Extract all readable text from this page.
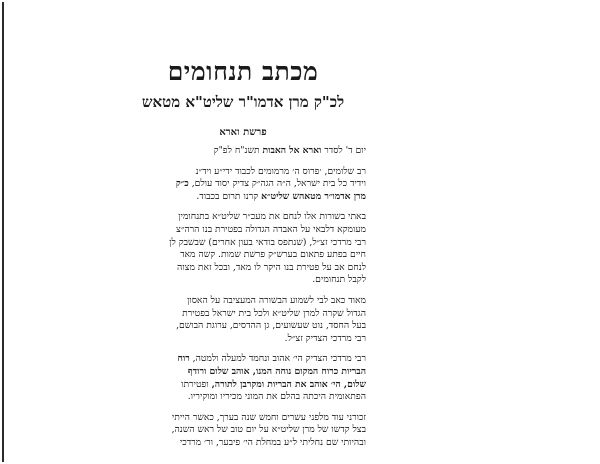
מכתב תנחומים
לכ"ק מרן אדמו"ר שליט"א מטאש
פרשת וארא

יום ד' לסדר וארא אל האבות תשנ"ח לפ"ק

רב שלומים, ׳פרוס ה׳ מרמומים לכבוד ידי״ע ויד״נ
וידיד כל בית ישראל, ה״ה הגה״ק צדיק יסוד עולם, כ״ק
מרן אדמו״ר מטאהש שליט״א קרנו תרום בכבוד.

באתי בשורות אלו לנחם את מעכ״ר שליט״א בתנחומין
מעומקא דלבאי על האבדה הגדולה בפטירת בנו הרה״צ
רבי מרדכי זצ״ל, (שנתפס בודאי בעון אחרים) שבשבק לן
חיים בפתע פתאום בערש״ק פרשת שמות. קשה מאד
לנחם אב על פטירת בנו היקר לו מאד, ובכל זאת מצוה
לקבל תנחומים.

מאוד כאב לבי לשמוע הבשורה המעציבה על האסון
הגדול שקרה למרן שליט״א ולכל בית ישראל בפטירת
בעל החסד, נוט שעשועים, גן ההדסים, ערוגת הבושם,
רבי מרדכי הצדיק זצ״ל.

רבי מרדכי הצדיק הי׳ אהוב ונחמד למעלה ולמטה, רוח
הבריות כרוח המקום נוחה המנו, אוהב שלום ורודף
שלום, הי׳ אוהב את הבריות ומקרבן לתורה, ופטירתו
הפתאומית היכתה בהלם את המוני מכיריו ומוקיריו.

זכורני עוד מלפני עשרים וחמש שנה בערך, כאשר הייתי
בצל קדשו של מרן שליט״א על יום טוב של ראש השנה,
ובהיותי שם נחליתי ל״ע במחלת הי׳ פיבער, ור׳ מרדכי
